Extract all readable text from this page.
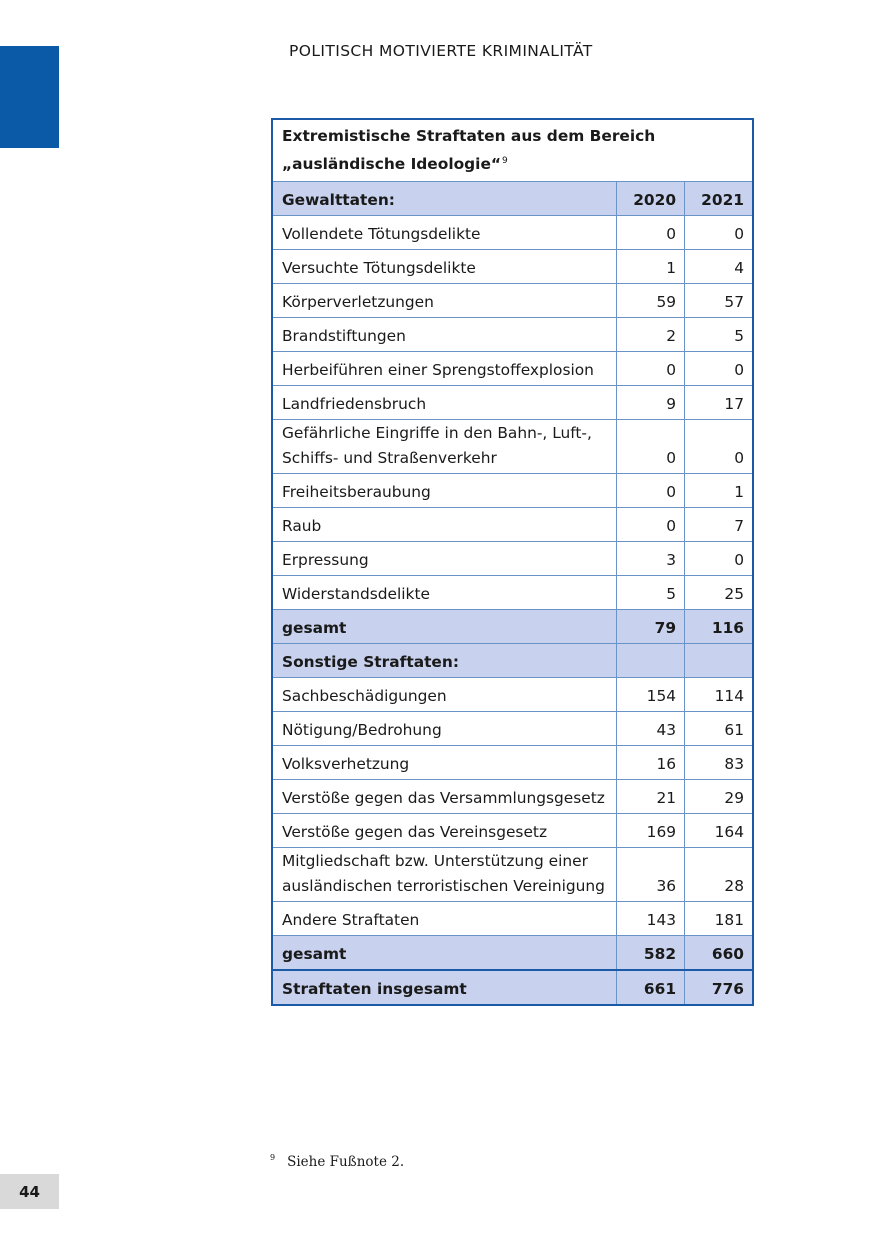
POLITISCH MOTIVIERTE KRIMINALITÄT
Extremistische Straftaten aus dem Bereich „ausländische Ideologie“$^9$
Gewalttaten:	2020	2021
Vollendete Tötungsdelikte	0	0
Versuchte Tötungsdelikte	1	4
Körperverletzungen	59	57
Brandstiftungen	2	5
Herbeiführen einer Sprengstoffexplosion	0	0
Landfriedensbruch	9	17
Gefährliche Eingriffe in den Bahn-, Luft-, Schiffs- und Straßenverkehr	0	0
Freiheitsberaubung	0	1
Raub	0	7
Erpressung	3	0
Widerstandsdelikte	5	25
gesamt	79	116
Sonstige Straftaten:		
Sachbeschädigungen	154	114
Nötigung/Bedrohung	43	61
Volksverhetzung	16	83
Verstöße gegen das Versammlungsgesetz	21	29
Verstöße gegen das Vereinsgesetz	169	164
Mitgliedschaft bzw. Unterstützung einer ausländischen terroristischen Vereinigung	36	28
Andere Straftaten	143	181
gesamt	582	660
Straftaten insgesamt	661	776
$^9$ Siehe Fußnote 2.
44
